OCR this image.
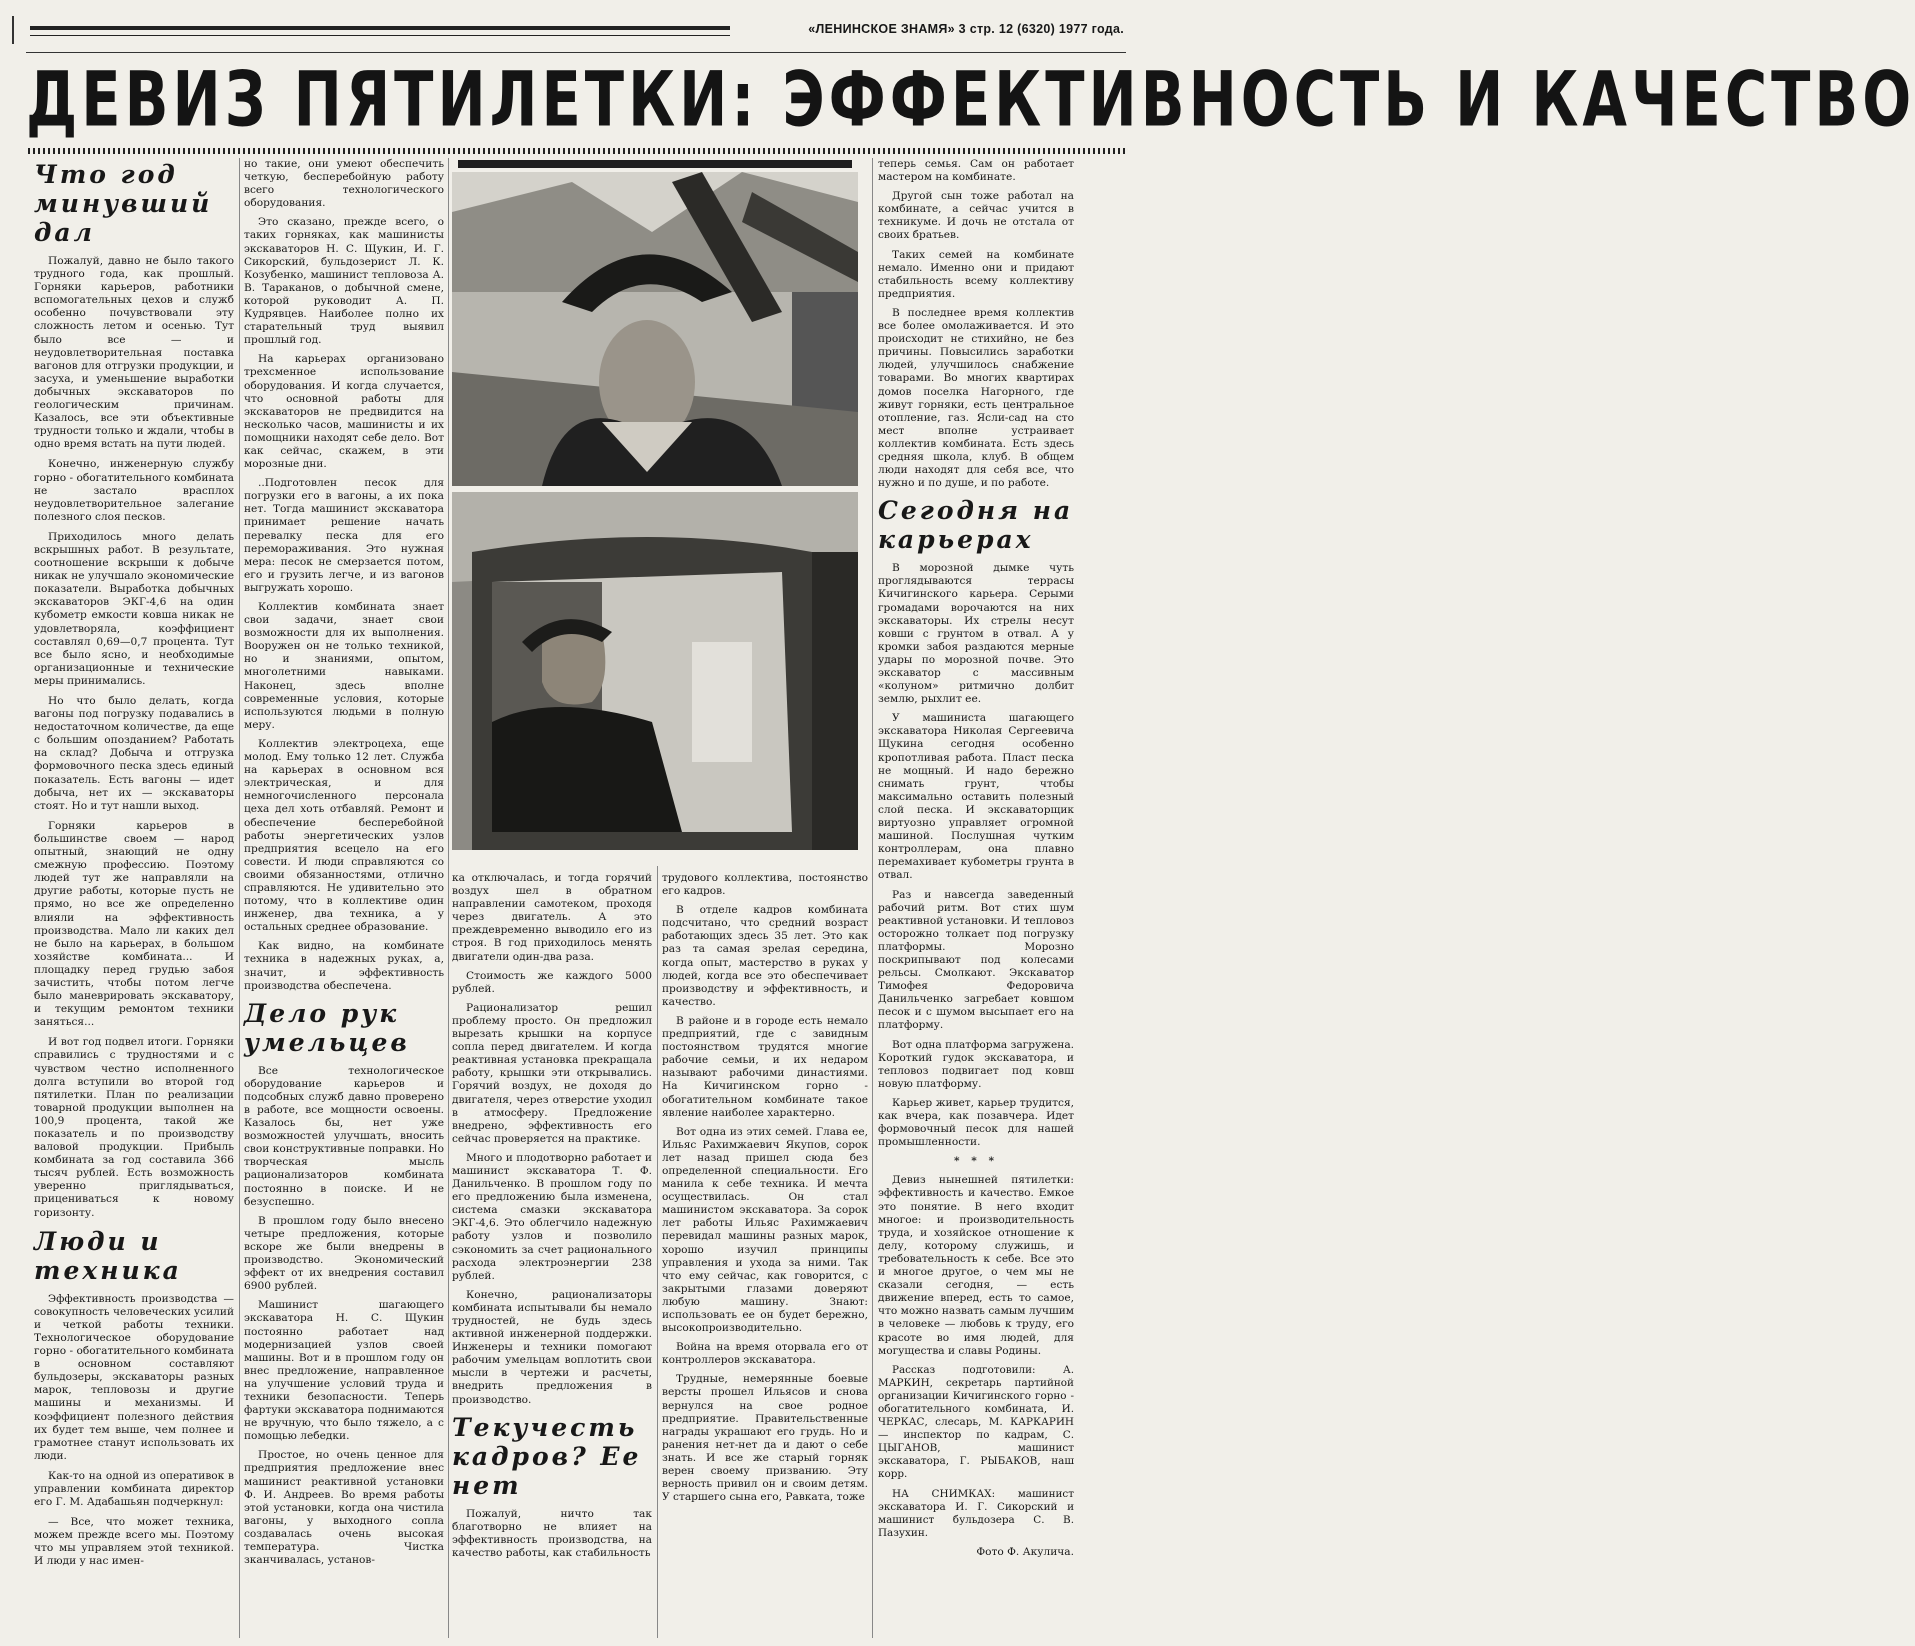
«ЛЕНИНСКОЕ ЗНАМЯ» 3 стр. 12 (6320) 1977 года.
ДЕВИЗ ПЯТИЛЕТКИ: ЭФФЕКТИВНОСТЬ И КАЧЕСТВО
Что год минувший дал

Пожалуй, давно не было такого трудного года, как прошлый. Горняки карьеров, работники вспомогательных цехов и служб особенно почувствовали эту сложность летом и осенью. Тут было все — и неудовлетворительная поставка вагонов для отгрузки продукции, и засуха, и уменьшение выработки добычных экскаваторов по геологическим причинам. Казалось, все эти объективные трудности только и ждали, чтобы в одно время встать на пути людей.

Конечно, инженерную службу горно - обогатительного комбината не застало врасплох неудовлетворительное залегание полезного слоя песков.

Приходилось много делать вскрышных работ. В результате, соотношение вскрыши к добыче никак не улучшало экономические показатели. Выработка добычных экскаваторов ЭКГ-4,6 на один кубометр емкости ковша никак не удовлетворяла, коэффициент составлял 0,69—0,7 процента. Тут все было ясно, и необходимые организационные и технические меры принимались.

Но что было делать, когда вагоны под погрузку подавались в недостаточном количестве, да еще с большим опозданием? Работать на склад? Добыча и отгрузка формовочного песка здесь единый показатель. Есть вагоны — идет добыча, нет их — экскаваторы стоят. Но и тут нашли выход.

Горняки карьеров в большинстве своем — народ опытный, знающий не одну смежную профессию. Поэтому людей тут же направляли на другие работы, которые пусть не прямо, но все же определенно влияли на эффективность производства. Мало ли каких дел не было на карьерах, в большом хозяйстве комбината... И площадку перед грудью забоя зачистить, чтобы потом легче было маневрировать экскаватору, и текущим ремонтом техники заняться...

И вот год подвел итоги. Горняки справились с трудностями и с чувством честно исполненного долга вступили во второй год пятилетки. План по реализации товарной продукции выполнен на 100,9 процента, такой же показатель и по производству валовой продукции. Прибыль комбината за год составила 366 тысяч рублей. Есть возможность уверенно приглядываться, прицениваться к новому горизонту.

Люди и техника

Эффективность производства — совокупность человеческих усилий и четкой работы техники. Технологическое оборудование горно - обогатительного комбината в основном составляют бульдозеры, экскаваторы разных марок, тепловозы и другие машины и механизмы. И коэффициент полезного действия их будет тем выше, чем полнее и грамотнее станут использовать их люди.

Как-то на одной из оперативок в управлении комбината директор его Г. М. Адабашьян подчеркнул:

— Все, что может техника, можем прежде всего мы. Поэтому что мы управляем этой техникой. И люди у нас имен-

но такие, они умеют обеспечить четкую, бесперебойную работу всего технологического оборудования.

Это сказано, прежде всего, о таких горняках, как машинисты экскаваторов Н. С. Щукин, И. Г. Сикорский, бульдозерист Л. К. Козубенко, машинист тепловоза А. В. Тараканов, о добычной смене, которой руководит А. П. Кудрявцев. Наиболее полно их старательный труд выявил прошлый год.

На карьерах организовано трехсменное использование оборудования. И когда случается, что основной работы для экскаваторов не предвидится на несколько часов, машинисты и их помощники находят себе дело. Вот как сейчас, скажем, в эти морозные дни.

..Подготовлен песок для погрузки его в вагоны, а их пока нет. Тогда машинист экскаватора принимает решение начать перевалку песка для его перемораживания. Это нужная мера: песок не смерзается потом, его и грузить легче, и из вагонов выгружать хорошо.

Коллектив комбината знает свои задачи, знает свои возможности для их выполнения. Вооружен он не только техникой, но и знаниями, опытом, многолетними навыками. Наконец, здесь вполне современные условия, которые используются людьми в полную меру.

Коллектив электроцеха, еще молод. Ему только 12 лет. Служба на карьерах в основном вся электрическая, и для немногочисленного персонала цеха дел хоть отбавляй. Ремонт и обеспечение бесперебойной работы энергетических узлов предприятия всецело на его совести. И люди справляются со своими обязанностями, отлично справляются. Не удивительно это потому, что в коллективе один инженер, два техника, а у остальных среднее образование.

Как видно, на комбинате техника в надежных руках, а, значит, и эффективность производства обеспечена.

Дело рук умельцев

Все технологическое оборудование карьеров и подсобных служб давно проверено в работе, все мощности освоены. Казалось бы, нет уже возможностей улучшать, вносить свои конструктивные поправки. Но творческая мысль рационализаторов комбината постоянно в поиске. И не безуспешно.

В прошлом году было внесено четыре предложения, которые вскоре же были внедрены в производство. Экономический эффект от их внедрения составил 6900 рублей.

Машинист шагающего экскаватора Н. С. Щукин постоянно работает над модернизацией узлов своей машины. Вот и в прошлом году он внес предложение, направленное на улучшение условий труда и техники безопасности. Теперь фартуки экскаватора поднимаются не вручную, что было тяжело, а с помощью лебедки.

Простое, но очень ценное для предприятия предложение внес машинист реактивной установки Ф. И. Андреев. Во время работы этой установки, когда она чистила вагоны, у выходного сопла создавалась очень высокая температура. Чистка зканчивалась, установ-

ка отключалась, и тогда горячий воздух шел в обратном направлении самотеком, проходя через двигатель. А это преждевременно выводило его из строя. В год приходилось менять двигатели один-два раза.

Стоимость же каждого 5000 рублей.

Рационализатор решил проблему просто. Он предложил вырезать крышки на корпусе сопла перед двигателем. И когда реактивная установка прекращала работу, крышки эти открывались. Горячий воздух, не доходя до двигателя, через отверстие уходил в атмосферу. Предложение внедрено, эффективность его сейчас проверяется на практике.

Много и плодотворно работает и машинист экскаватора Т. Ф. Данильченко. В прошлом году по его предложению была изменена, система смазки экскаватора ЭКГ-4,6. Это облегчило надежную работу узлов и позволило сэкономить за счет рационального расхода электроэнергии 238 рублей.

Конечно, рационализаторы комбината испытывали бы немало трудностей, не будь здесь активной инженерной поддержки. Инженеры и техники помогают рабочим умельцам воплотить свои мысли в чертежи и расчеты, внедрить предложения в производство.

Текучесть кадров? Ее нет

Пожалуй, ничто так благотворно не влияет на эффективность производства, на качество работы, как стабильность

трудового коллектива, постоянство его кадров.

В отделе кадров комбината подсчитано, что средний возраст работающих здесь 35 лет. Это как раз та самая зрелая середина, когда опыт, мастерство в руках у людей, когда все это обеспечивает производству и эффективность, и качество.

В районе и в городе есть немало предприятий, где с завидным постоянством трудятся многие рабочие семьи, и их недаром называют рабочими династиями. На Кичигинском горно - обогатительном комбинате такое явление наиболее характерно.

Вот одна из этих семей. Глава ее, Ильяс Рахимжаевич Якупов, сорок лет назад пришел сюда без определенной специальности. Его манила к себе техника. И мечта осуществилась. Он стал машинистом экскаватора. За сорок лет работы Ильяс Рахимжаевич перевидал машины разных марок, хорошо изучил принципы управления и ухода за ними. Так что ему сейчас, как говорится, с закрытыми глазами доверяют любую машину. Знают: использовать ее он будет бережно, высокопроизводительно.

Война на время оторвала его от контроллеров экскаватора.

Трудные, немерянные боевые версты прошел Ильясов и снова вернулся на свое родное предприятие. Правительственные награды украшают его грудь. Но и ранения нет-нет да и дают о себе знать. И все же старый горняк верен своему призванию. Эту верность привил он и своим детям. У старшего сына его, Равката, тоже

теперь семья. Сам он работает мастером на комбинате.

Другой сын тоже работал на комбинате, а сейчас учится в техникуме. И дочь не отстала от своих братьев.

Таких семей на комбинате немало. Именно они и придают стабильность всему коллективу предприятия.

В последнее время коллектив все более омолаживается. И это происходит не стихийно, не без причины. Повысились заработки людей, улучшилось снабжение товарами. Во многих квартирах домов поселка Нагорного, где живут горняки, есть центральное отопление, газ. Ясли-сад на сто мест вполне устраивает коллектив комбината. Есть здесь средняя школа, клуб. В общем люди находят для себя все, что нужно и по душе, и по работе.

Сегодня на карьерах

В морозной дымке чуть проглядываются террасы Кичигинского карьера. Серыми громадами ворочаются на них экскаваторы. Их стрелы несут ковши с грунтом в отвал. А у кромки забоя раздаются мерные удары по морозной почве. Это экскаватор с массивным «колуном» ритмично долбит землю, рыхлит ее.

У машиниста шагающего экскаватора Николая Сергеевича Щукина сегодня особенно кропотливая работа. Пласт песка не мощный. И надо бережно снимать грунт, чтобы максимально оставить полезный слой песка. И экскаваторщик виртуозно управляет огромной машиной. Послушная чутким контроллерам, она плавно перемахивает кубометры грунта в отвал.

Раз и навсегда заведенный рабочий ритм. Вот стих шум реактивной установки. И тепловоз осторожно толкает под погрузку платформы. Морозно поскрипывают под колесами рельсы. Смолкают. Экскаватор Тимофея Федоровича Данильченко загребает ковшом песок и с шумом высыпает его на платформу.

Вот одна платформа загружена. Короткий гудок экскаватора, и тепловоз подвигает под ковш новую платформу.

Карьер живет, карьер трудится, как вчера, как позавчера. Идет формовочный песок для нашей промышленности.

* * *

Девиз нынешней пятилетки: эффективность и качество. Емкое это понятие. В него входит многое: и производительность труда, и хозяйское отношение к делу, которому служишь, и требовательность к себе. Все это и многое другое, о чем мы не сказали сегодня, — есть движение вперед, есть то самое, что можно назвать самым лучшим в человеке — любовь к труду, его красоте во имя людей, для могущества и славы Родины.

Рассказ подготовили: А. МАРКИН, секретарь партийной организации Кичигинского горно - обогатительного комбината, И. ЧЕРКАС, слесарь, М. КАРКАРИН — инспектор по кадрам, С. ЦЫГАНОВ, машинист экскаватора, Г. РЫБАКОВ, наш корр.

НА СНИМКАХ: машинист экскаватора И. Г. Сикорский и машинист бульдозера С. В. Пазухин.

Фото Ф. Акулича.
